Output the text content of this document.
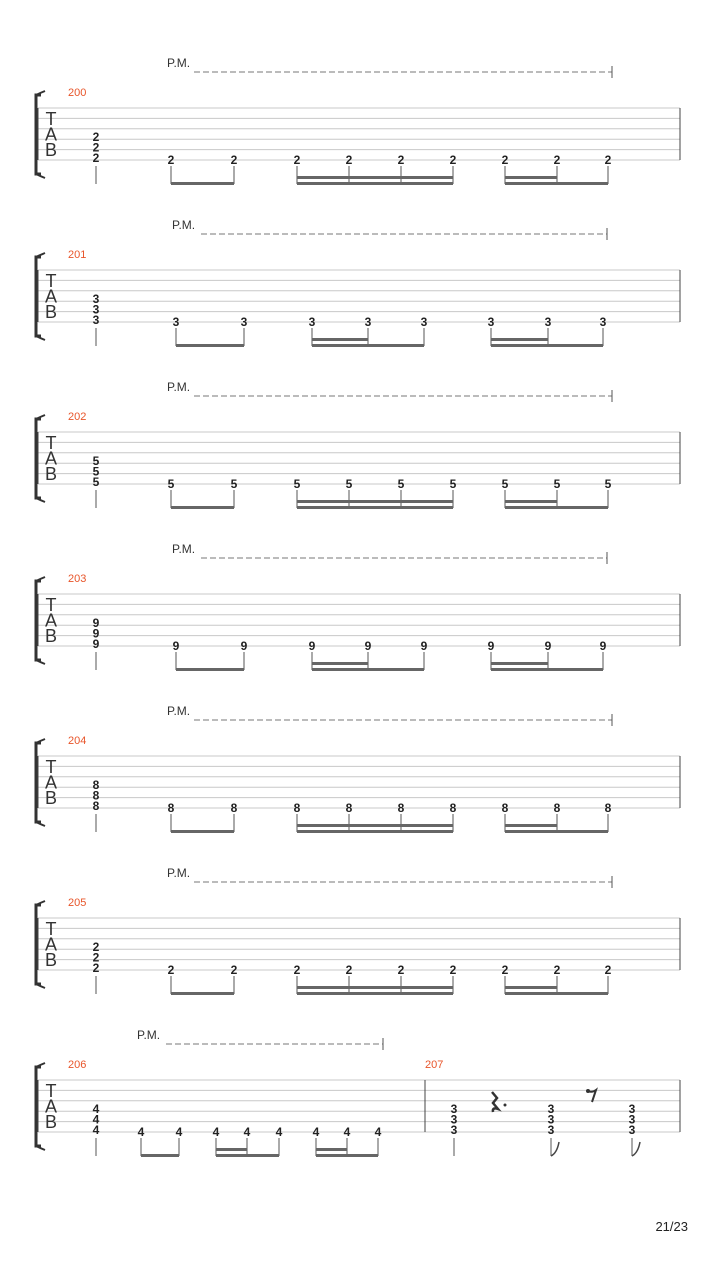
P.M.
200
T
A
B
2
2
2	2	2	2	2	2	2	2	2	2
P.M.
201
T
A
B
3
3
3	3	3	3	3	3	3	3	3
P.M.
202
T
A
B
5
5
5	5	5	5	5	5	5	5	5	5
P.M.
203
T
A
B
9
9
9	9	9	9	9	9	9	9	9
P.M.
204
T
A
B
8
8
8	8	8	8	8	8	8	8	8	8
P.M.
205
T
A
B
2
2
2	2	2	2	2	2	2	2	2	2
P.M.
206
T
A
B
4
4
4	4	4	4 4 4	4 4 4
207
3
3
3
3
3
3
3
3
3
21/23
